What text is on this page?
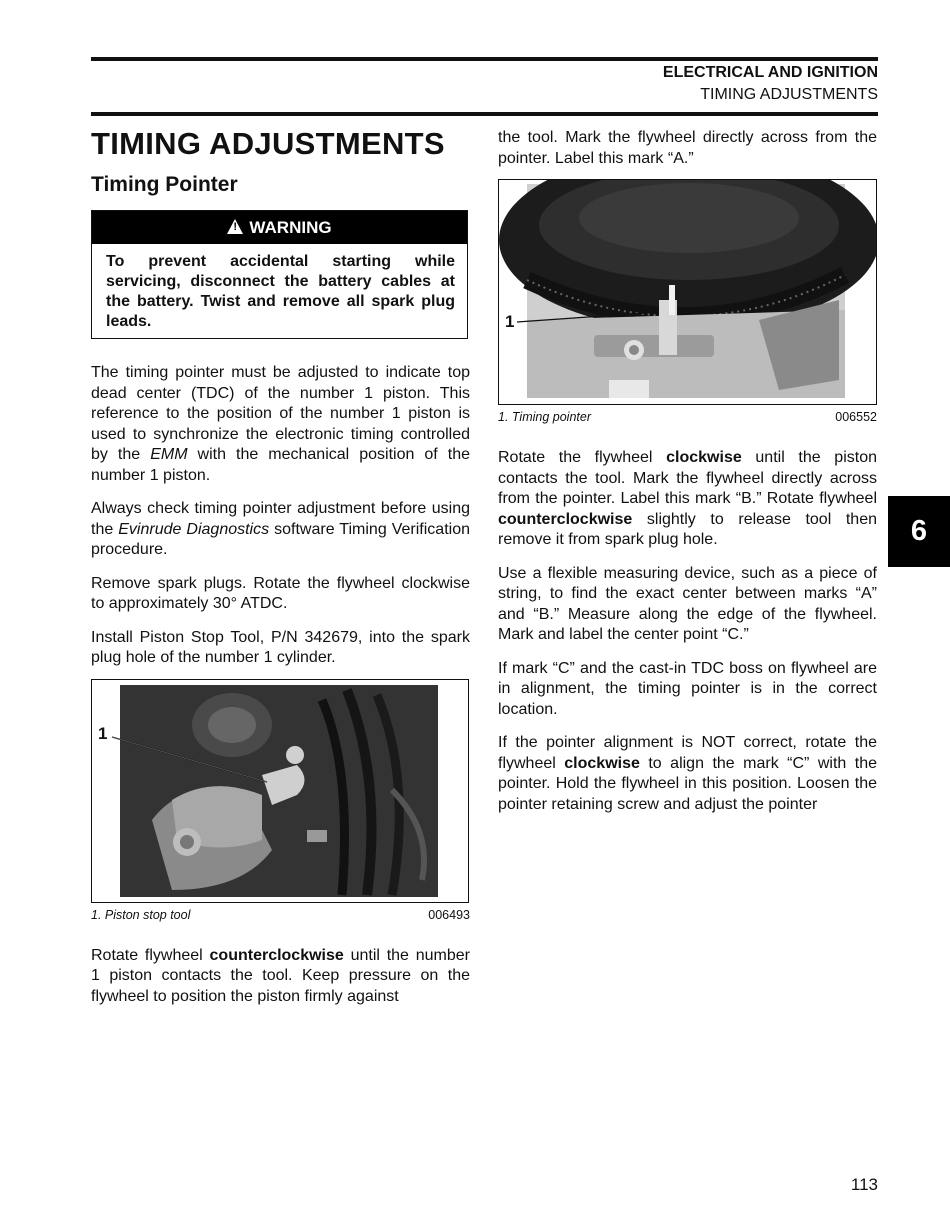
ELECTRICAL AND IGNITION
TIMING ADJUSTMENTS
TIMING ADJUSTMENTS
Timing Pointer
! WARNING
To prevent accidental starting while servicing, disconnect the battery cables at the battery. Twist and remove all spark plug leads.

The timing pointer must be adjusted to indicate top dead center (TDC) of the number 1 piston. This reference to the position of the number 1 piston is used to synchronize the electronic timing controlled by the EMM with the mechanical position of the number 1 piston.

Always check timing pointer adjustment before using the Evinrude Diagnostics software Timing Verification procedure.

Remove spark plugs. Rotate the flywheel clockwise to approximately 30° ATDC.

Install Piston Stop Tool, P/N 342679, into the spark plug hole of the number 1 cylinder.

1
1. Piston stop tool	006493

Rotate flywheel counterclockwise until the number 1 piston contacts the tool. Keep pressure on the flywheel to position the piston firmly against

the tool. Mark the flywheel directly across from the pointer. Label this mark “A.”

1
1. Timing pointer	006552

Rotate the flywheel clockwise until the piston contacts the tool. Mark the flywheel directly across from the pointer. Label this mark “B.” Rotate flywheel counterclockwise slightly to release tool then remove it from spark plug hole.

Use a flexible measuring device, such as a piece of string, to find the exact center between marks “A” and “B.” Measure along the edge of the flywheel. Mark and label the center point “C.”

If mark “C” and the cast-in TDC boss on flywheel are in alignment, the timing pointer is in the correct location.

If the pointer alignment is NOT correct, rotate the flywheel clockwise to align the mark “C” with the pointer. Hold the flywheel in this position. Loosen the pointer retaining screw and adjust the pointer

6
113
